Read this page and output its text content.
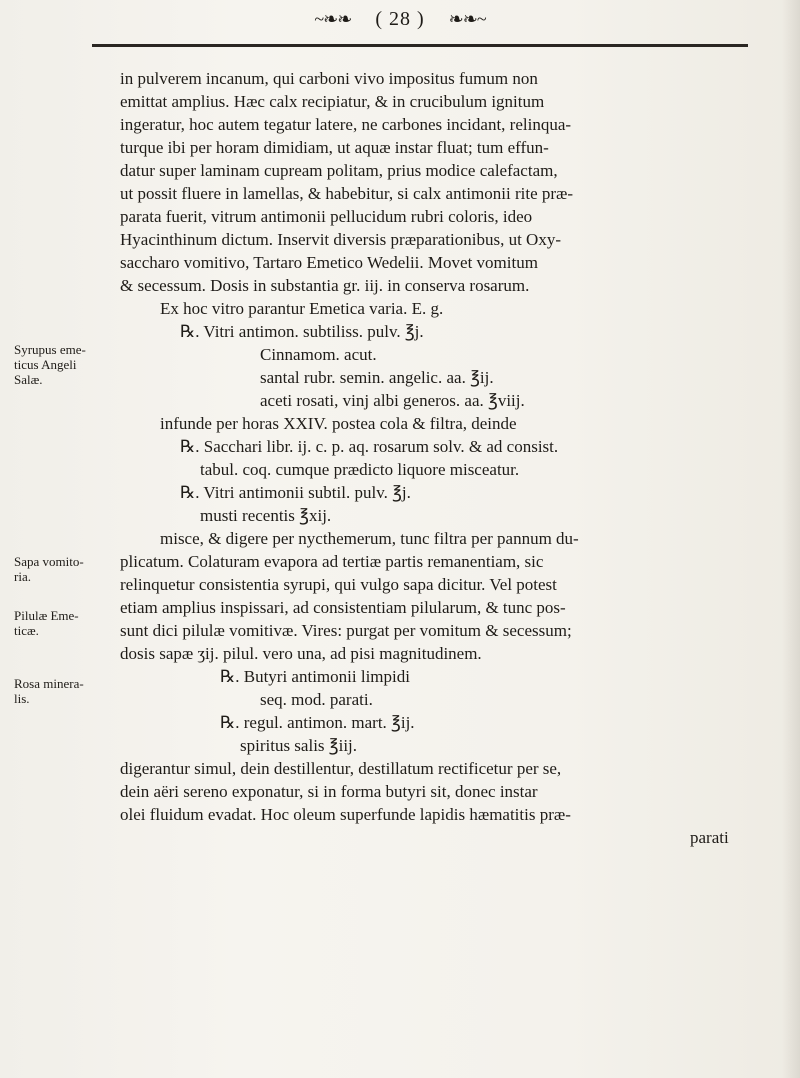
~❧❧ ( 28 ) ❧❧~
in pulverem incanum, qui carboni vivo impositus fumum non
emittat amplius. Hæc calx recipiatur, & in crucibulum ignitum
ingeratur, hoc autem tegatur latere, ne carbones incidant, relinqua-
turque ibi per horam dimidiam, ut aquæ instar fluat; tum effun-
datur super laminam cupream politam, prius modice calefactam,
ut possit fluere in lamellas, & habebitur, si calx antimonii rite præ-
parata fuerit, vitrum antimonii pellucidum rubri coloris, ideo
Hyacinthinum dictum. Inservit diversis præparationibus, ut Oxy-
saccharo vomitivo, Tartaro Emetico Wedelii. Movet vomitum
& secessum. Dosis in substantia gr. iij. in conserva rosarum.
Ex hoc vitro parantur Emetica varia. E. g.
℞. Vitri antimon. subtiliss. pulv. ℥j.
Cinnamom. acut.
santal rubr. semin. angelic. aa. ℥ij.
aceti rosati, vinj albi generos. aa. ℥viij.
infunde per horas XXIV. postea cola & filtra, deinde
℞. Sacchari libr. ij. c. p. aq. rosarum solv. & ad consist.
tabul. coq. cumque prædicto liquore misceatur.
℞. Vitri antimonii subtil. pulv. ℥j.
musti recentis ℥xij.
misce, & digere per nycthemerum, tunc filtra per pannum du-
plicatum. Colaturam evapora ad tertiæ partis remanentiam, sic
relinquetur consistentia syrupi, qui vulgo sapa dicitur. Vel potest
etiam amplius inspissari, ad consistentiam pilularum, & tunc pos-
sunt dici pilulæ vomitivæ. Vires: purgat per vomitum & secessum;
dosis sapæ ʒij. pilul. vero una, ad pisi magnitudinem.
℞. Butyri antimonii limpidi
seq. mod. parati.
℞. regul. antimon. mart. ℥ij.
spiritus salis ℥iij.
digerantur simul, dein destillentur, destillatum rectificetur per se,
dein aëri sereno exponatur, si in forma butyri sit, donec instar
olei fluidum evadat. Hoc oleum superfunde lapidis hæmatitis præ-
parati
Syrupus eme-
ticus Angeli
Salæ.
Sapa vomito-
ria.
Pilulæ Eme-
ticæ.
Rosa minera-
lis.
